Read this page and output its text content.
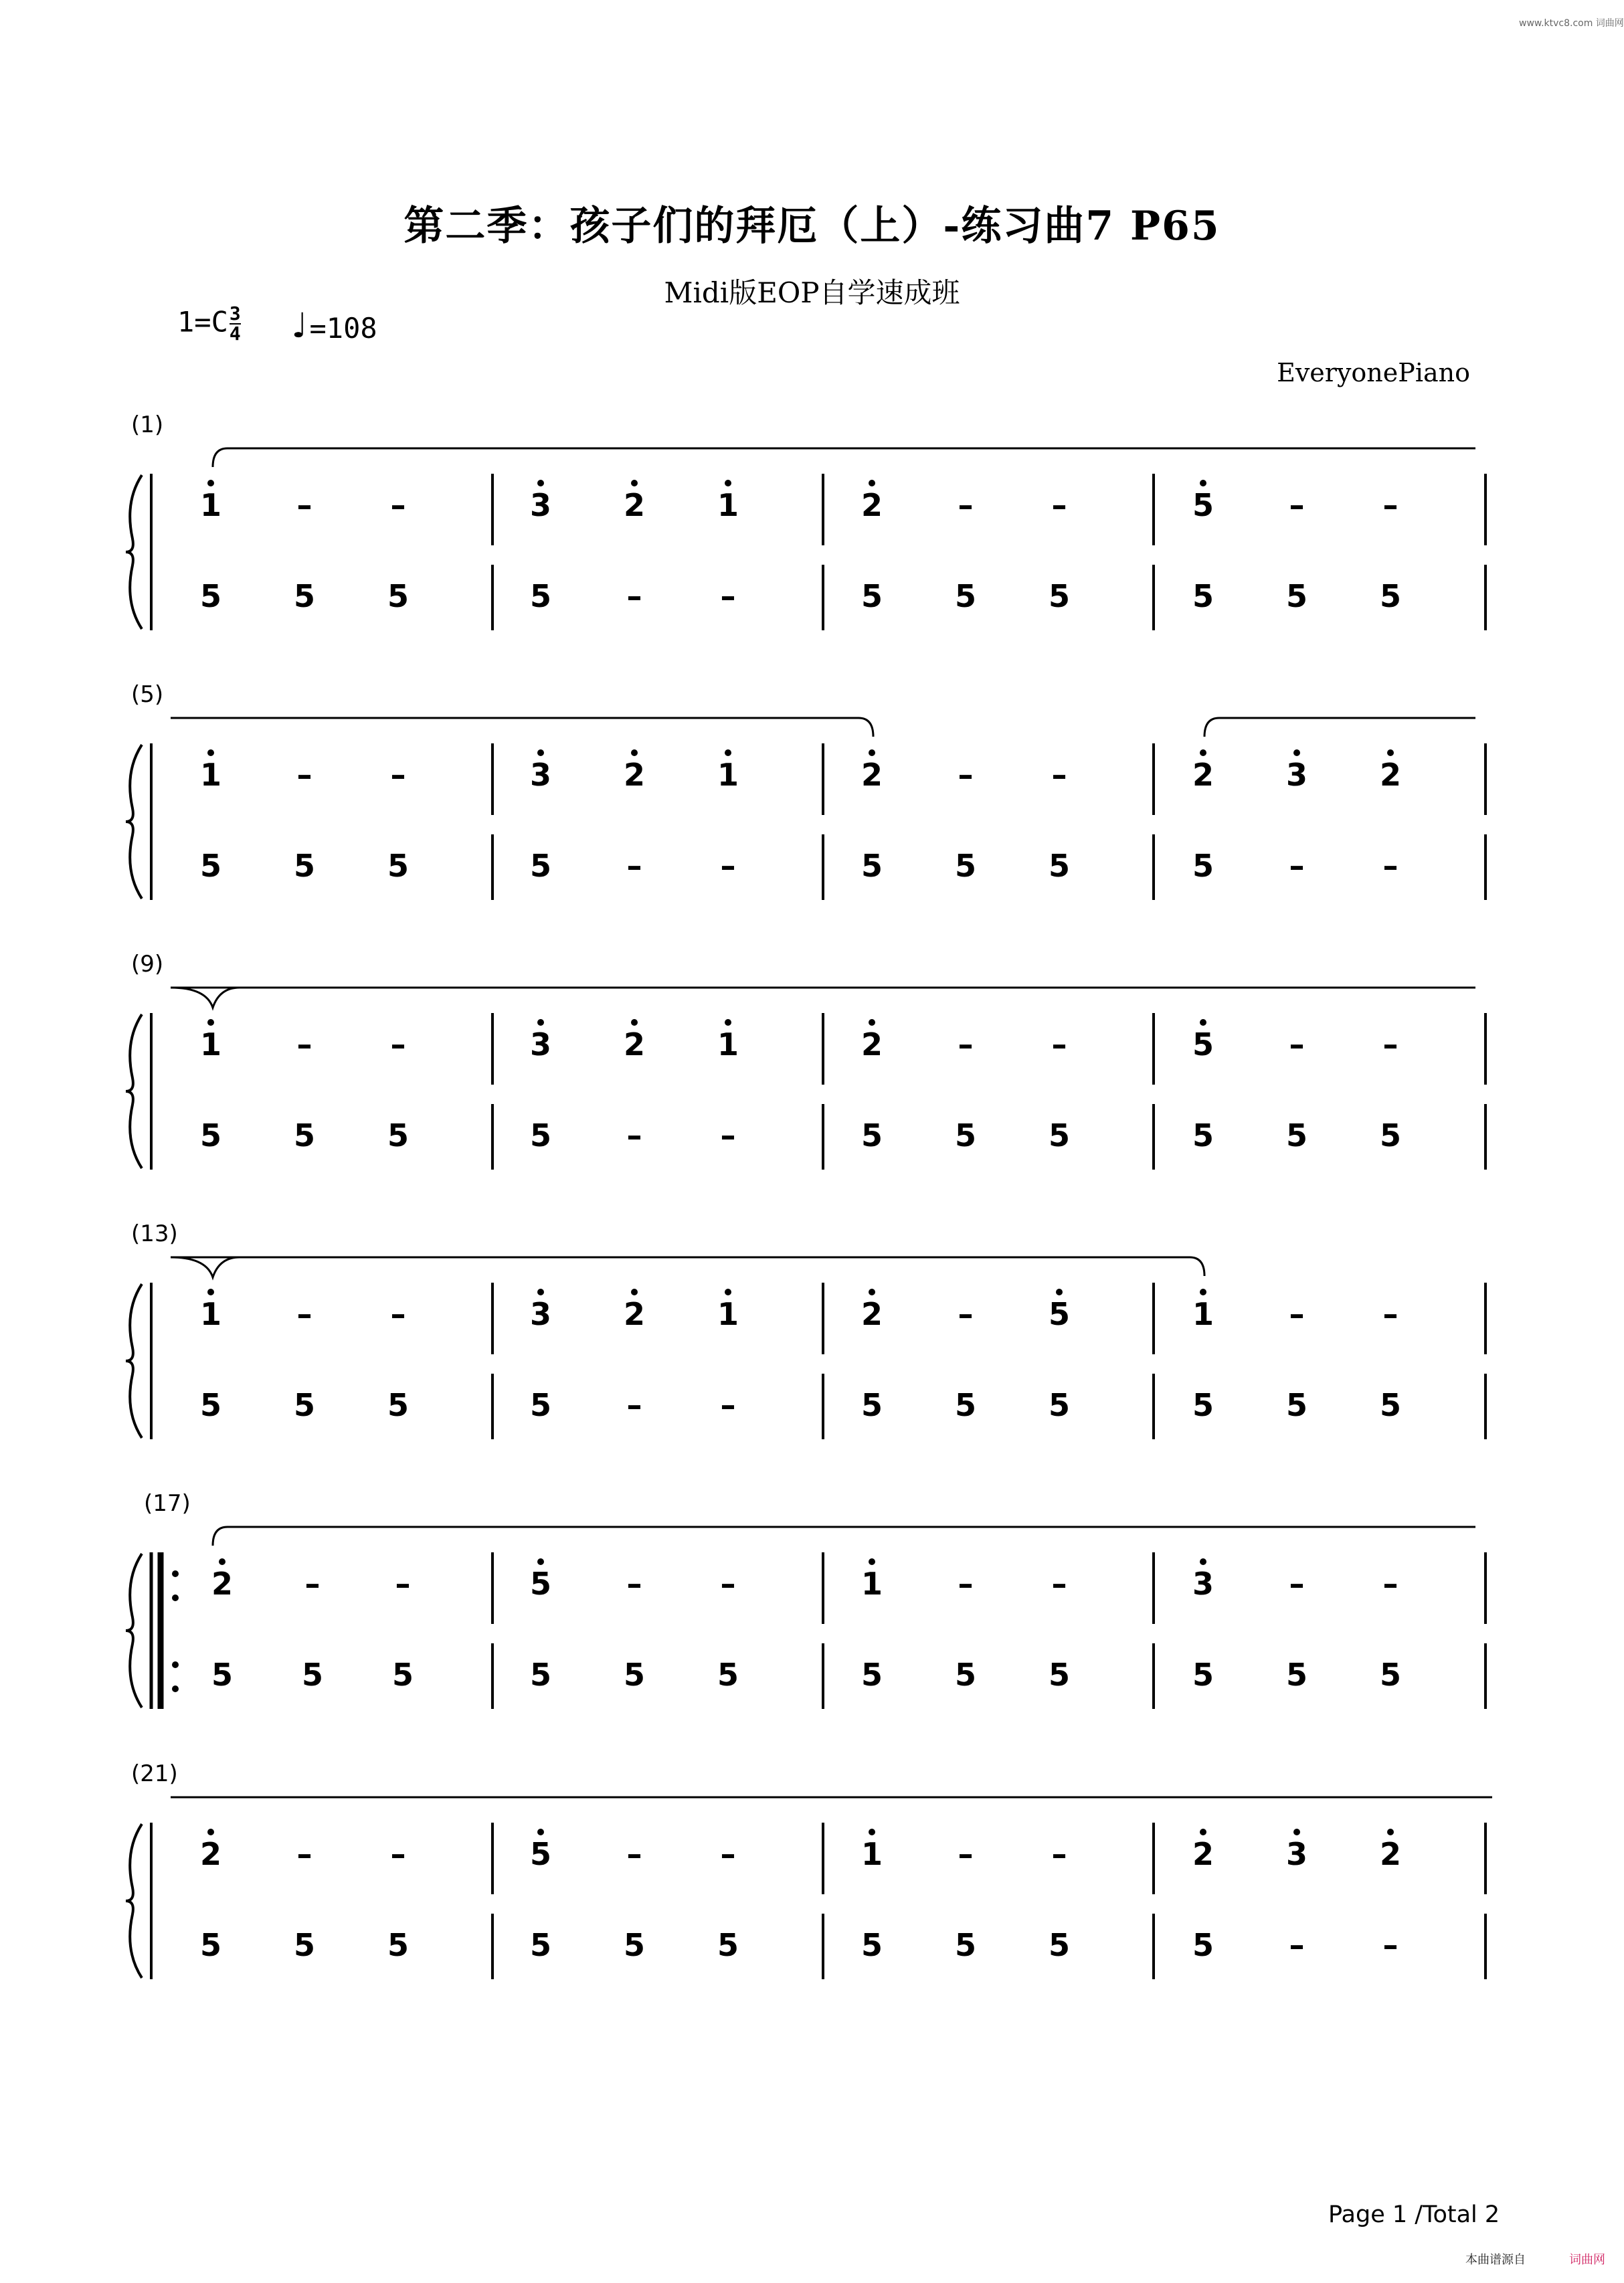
第二季：孩子们的拜厄（上）-练习曲7 P65
Midi版EOP自学速成班
$1=C \frac{3}{4}$ ♩=108
EveryonePiano
www.ktvc8.com 词曲网
Page 1 /Total 2
本曲谱源自	词曲网
(1)
1	–	–	3	2	1	2	–	–	5	–	–
5	5	5	5	–	–	5	5	5	5	5	5
(5)
1	–	–	3	2	1	2	–	–	2	3	2
5	5	5	5	–	–	5	5	5	5	–	–
(9)
1	–	–	3	2	1	2	–	–	5	–	–
5	5	5	5	–	–	5	5	5	5	5	5
(13)
1	–	–	3	2	1	2	–	5	1	–	–
5	5	5	5	–	–	5	5	5	5	5	5
(17)
2	–	–	5	–	–	1	–	–	3	–	–
5	5	5	5	5	5	5	5	5	5	5	5
(21)
2	–	–	5	–	–	1	–	–	2	3	2
5	5	5	5	5	5	5	5	5	5	–	–
